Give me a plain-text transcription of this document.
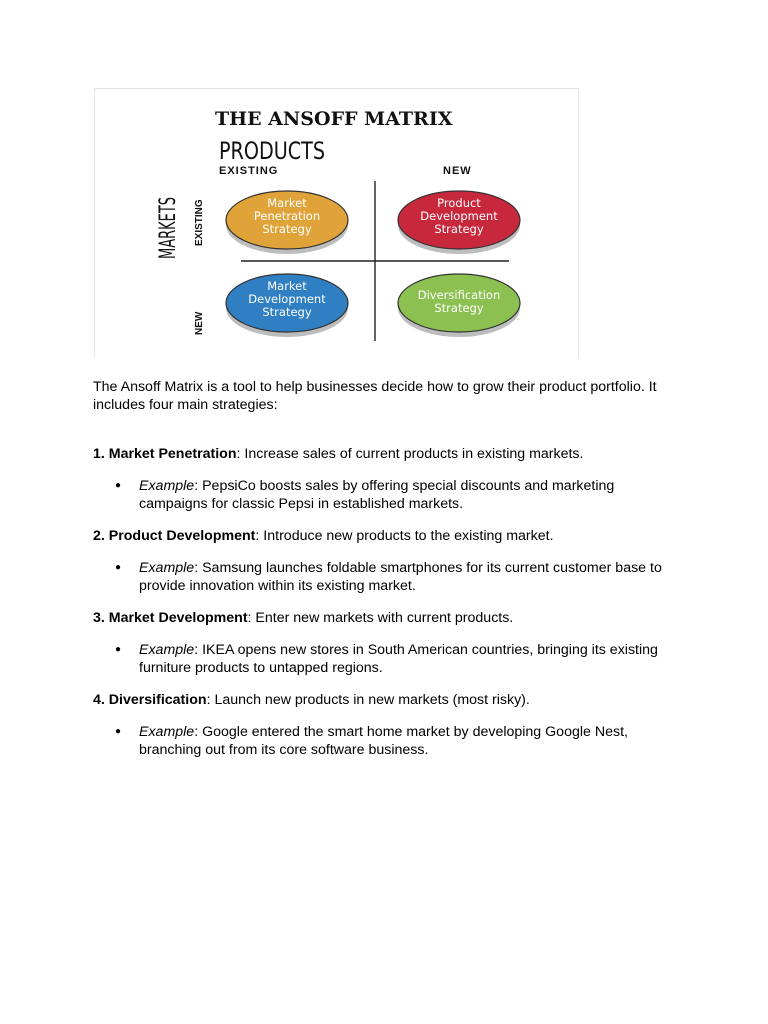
THE ANSOFF MATRIX
PRODUCTS
EXISTING	NEW
MARKETS EXISTING
NEW
Market
Penetration
Strategy
Product
Development
Strategy
Market
Development
Strategy
Diversification
Strategy

The Ansoff Matrix is a tool to help businesses decide how to grow their product portfolio. It includes four main strategies:

1. Market Penetration: Increase sales of current products in existing markets.

● Example: PepsiCo boosts sales by offering special discounts and marketing campaigns for classic Pepsi in established markets.

2. Product Development: Introduce new products to the existing market.

● Example: Samsung launches foldable smartphones for its current customer base to provide innovation within its existing market.

3. Market Development: Enter new markets with current products.

● Example: IKEA opens new stores in South American countries, bringing its existing furniture products to untapped regions.

4. Diversification: Launch new products in new markets (most risky).

● Example: Google entered the smart home market by developing Google Nest, branching out from its core software business.
